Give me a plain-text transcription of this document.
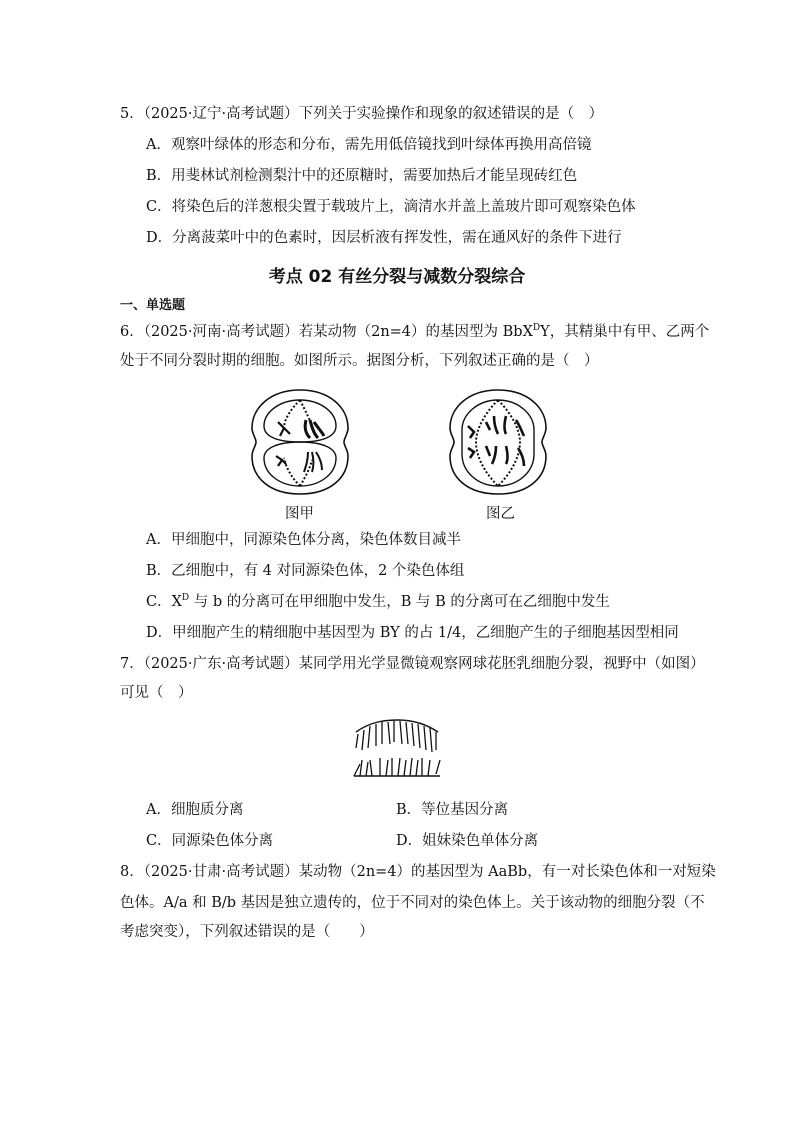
5．（2025·辽宁·高考试题）下列关于实验操作和现象的叙述错误的是（　）
A．观察叶绿体的形态和分布，需先用低倍镜找到叶绿体再换用高倍镜
B．用斐林试剂检测梨汁中的还原糖时，需要加热后才能呈现砖红色
C．将染色后的洋葱根尖置于载玻片上，滴清水并盖上盖玻片即可观察染色体
D．分离菠菜叶中的色素时，因层析液有挥发性，需在通风好的条件下进行
考点 02 有丝分裂与减数分裂综合
一、单选题
6．（2025·河南·高考试题）若某动物（2n=4）的基因型为 BbX$^D$Y，其精巢中有甲、乙两个
处于不同分裂时期的细胞。如图所示。据图分析，下列叙述正确的是（　）
图甲	图乙
A．甲细胞中，同源染色体分离，染色体数目减半
B．乙细胞中，有 4 对同源染色体，2 个染色体组
C．$X^D$ 与 b 的分离可在甲细胞中发生，B 与 B 的分离可在乙细胞中发生
D．甲细胞产生的精细胞中基因型为 BY 的占 1/4，乙细胞产生的子细胞基因型相同
7．（2025·广东·高考试题）某同学用光学显微镜观察网球花胚乳细胞分裂，视野中（如图）
可见（　）
A．细胞质分离	B．等位基因分离
C．同源染色体分离	D．姐妹染色单体分离
8．（2025·甘肃·高考试题）某动物（2n=4）的基因型为 AaBb，有一对长染色体和一对短染
色体。A/a 和 B/b 基因是独立遗传的，位于不同对的染色体上。关于该动物的细胞分裂（不
考虑突变），下列叙述错误的是（　　）
